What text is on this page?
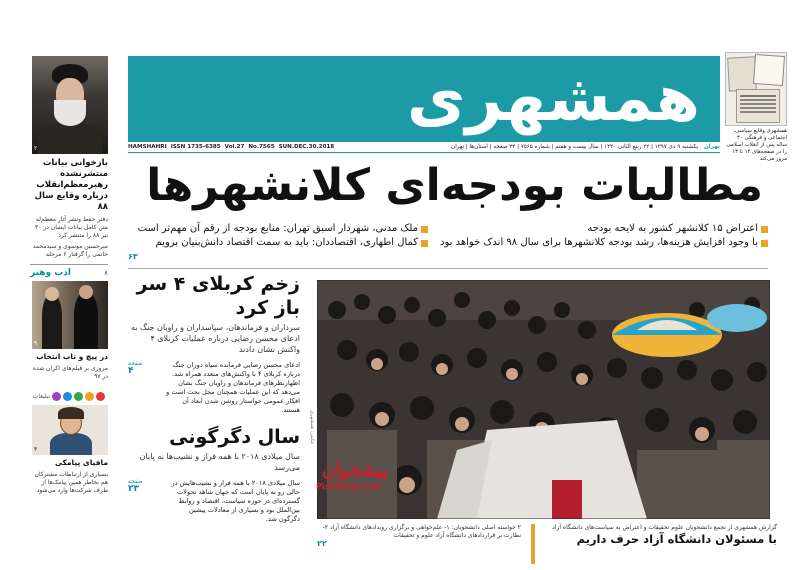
۲
بازخوانی بیانات منتشرنشده رهبرمعظم‌انقلاب درباره وقایع سال ۸۸
دفتر حفظ ونشر آثار معظم‌له متن کامل بیانات ایشان در ۳۰ تیر ۸۸ را منتشر کرد
میرحسین موسوی و سیدمحمد خاتمی را گرفتار ۶ مرحله
۸
ادب وهنر
۹
در پیچ و تاب انتخاب
مروری بر فیلم‌های اکران شده در ۹۷
تبلیغات
۳
مافیای پیامکی
بسیاری از ارتباطات مشترکان هم بخاطر همین پیامک‌ها از طرف شرکت‌ها وارد می‌شود
همشهری
HAMSHAHRI ISSN 1735-6385 Vol.27 No.7565 SUN.DEC.30.2018	یکشنبه ۹ دی ۱۳۹۷ | ۲۲ ربیع الثانی ۱۴۴۰ | سال بیست و هفتم | شماره ۷۵۶۵ | ۲۴ صفحه | استان‌ها | تهران تهران
همشهری وقایع سیاسی، اجتماعی و فرهنگی ۴۰ ساله پس از انقلاب اسلامی را در صفحه‌های ۱۴ تا ۱۳ مرور می‌کند
مطالبات بودجه‌ای کلانشهرها
ملک مدنی، شهردار اسبق تهران: منابع بودجه از رقم آن مهم‌تر است
کمال اطهاری، اقتصاددان: باید به سمت اقتصاد دانش‌بنیان برویم
۶۳
اعتراض ۱۵ کلانشهر کشور به لایحه بودجه
با وجود افزایش هزینه‌ها، رشد بودجه کلانشهرها برای سال ۹۸ اندک خواهد بود
زخم کربلای ۴ سر باز کرد
سرداران و فرماندهان، سپاسداران و راویان جنگ به ادعای محسن رضایی درباره عملیات کربلای ۴ واکنش نشان دادند
صفحه
۴
ادعای محسن رضایی فرمانده سپاه دوران جنگ درباره کربلای ۴ با واکنش‌های متعدد همراه شد. اظهارنظرهای فرماندهان و راویان جنگ نشان می‌دهد که این عملیات همچنان محل بحث است و افکار عمومی خواستار روشن شدن ابعاد آن هستند.
سال دگرگونی
سال میلادی ۲۰۱۸ با همه فراز و نشیب‌ها به پایان می‌رسد
صفحه
۲۳
سال میلادی ۲۰۱۸ با همه فراز و نشیب‌هایش در حالی رو به پایان است که جهان شاهد تحولات گسترده‌ای در حوزه سیاست، اقتصاد و روابط بین‌الملل بود و بسیاری از معادلات پیشین دگرگون شد.
عکس: همشهری
پیشخوان
Pishkhaan.net
۲ خواسته اصلی دانشجویان: ۱- علم‌خواهی و برگزاری رویدادهای دانشگاه آزاد ۲- نظارت بر قراردادهای دانشگاه آزاد علوم و تحقیقات
۲۲
گزارش همشهری از تجمع دانشجویان علوم تحقیقات و اعتراض به سیاست‌های دانشگاه آزاد
با مسئولان دانشگاه آزاد حرف داریم
